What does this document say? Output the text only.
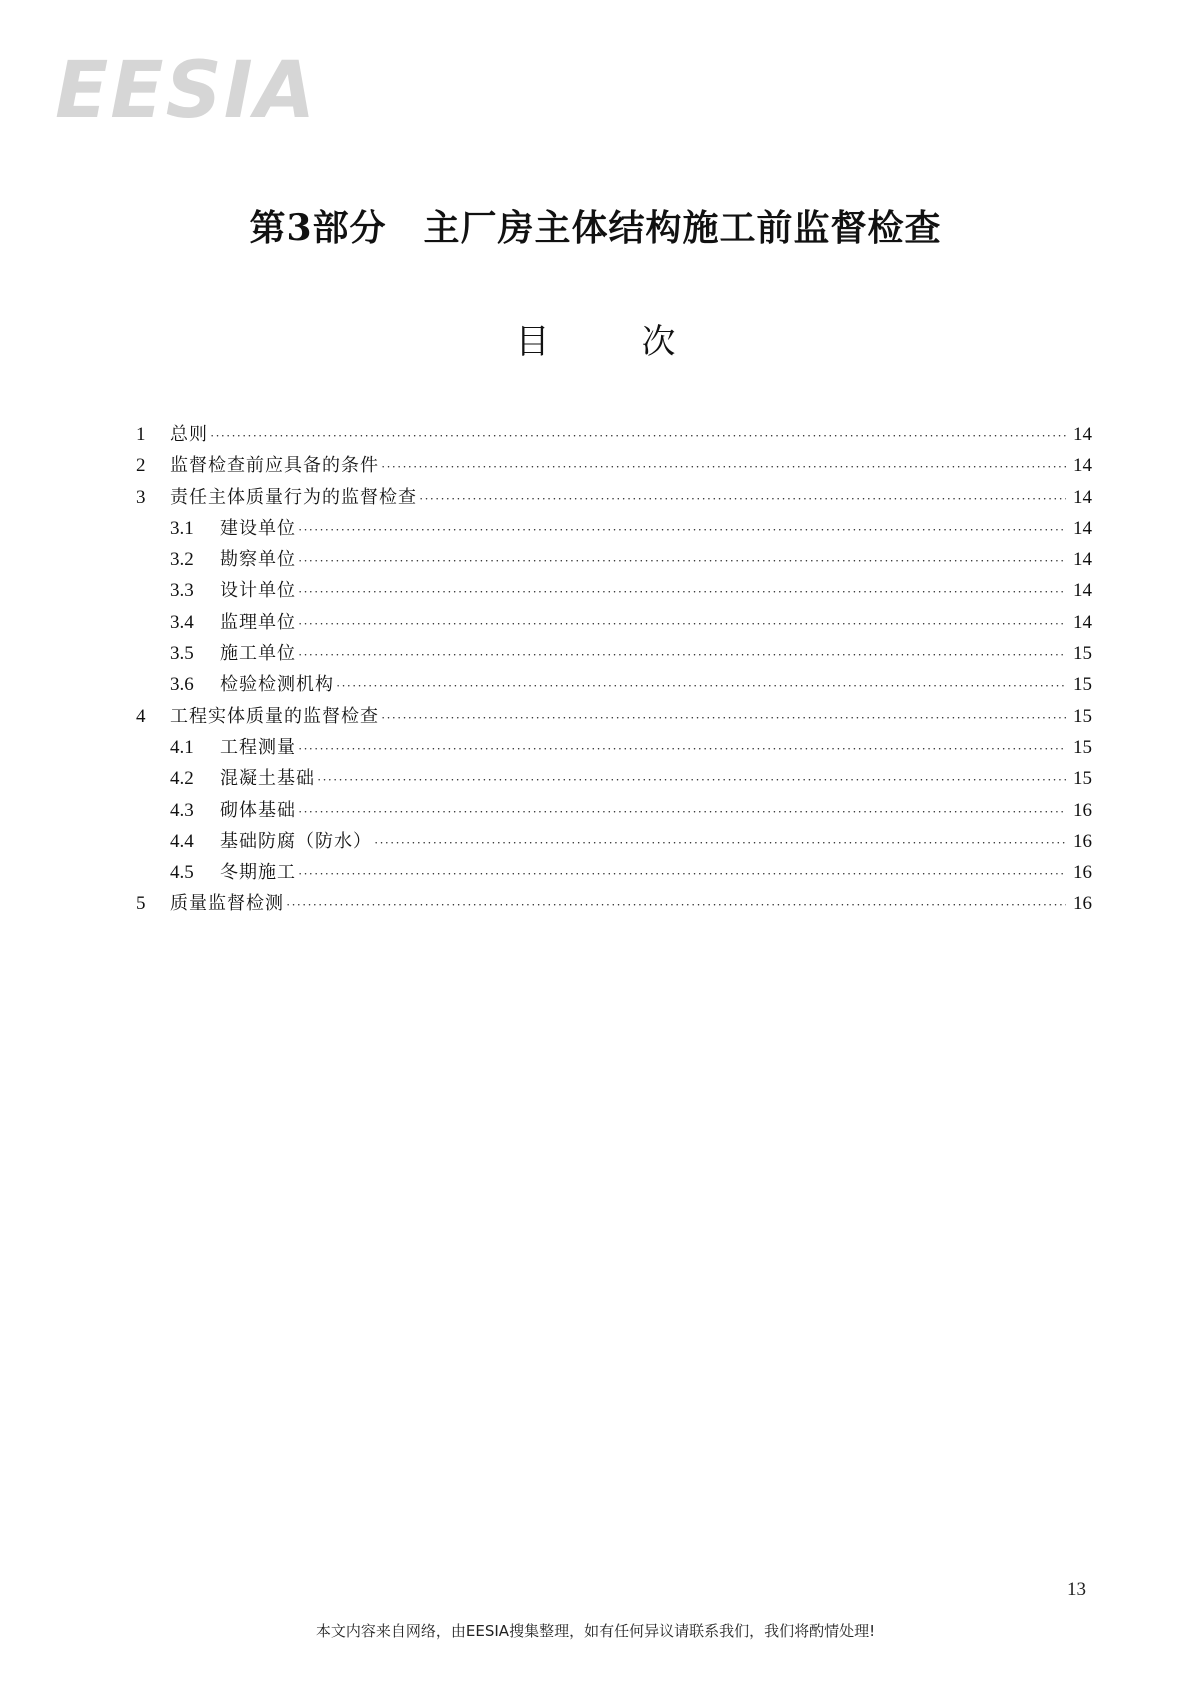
EESIA
第3部分　主厂房主体结构施工前监督检查
目	次
1	总则 ·····	14
2	监督检查前应具备的条件 ·····	14
3	责任主体质量行为的监督检查 ·····	14
3.1	建设单位 ·····	14
3.2	勘察单位 ·····	14
3.3	设计单位 ·····	14
3.4	监理单位 ·····	14
3.5	施工单位 ·····	15
3.6	检验检测机构 ·····	15
4	工程实体质量的监督检查 ·····	15
4.1	工程测量 ·····	15
4.2	混凝土基础 ·····	15
4.3	砌体基础 ·····	16
4.4	基础防腐（防水） ·····	16
4.5	冬期施工 ·····	16
5	质量监督检测 ·····	16
13
本文内容来自网络，由EESIA搜集整理，如有任何异议请联系我们，我们将酌情处理!
